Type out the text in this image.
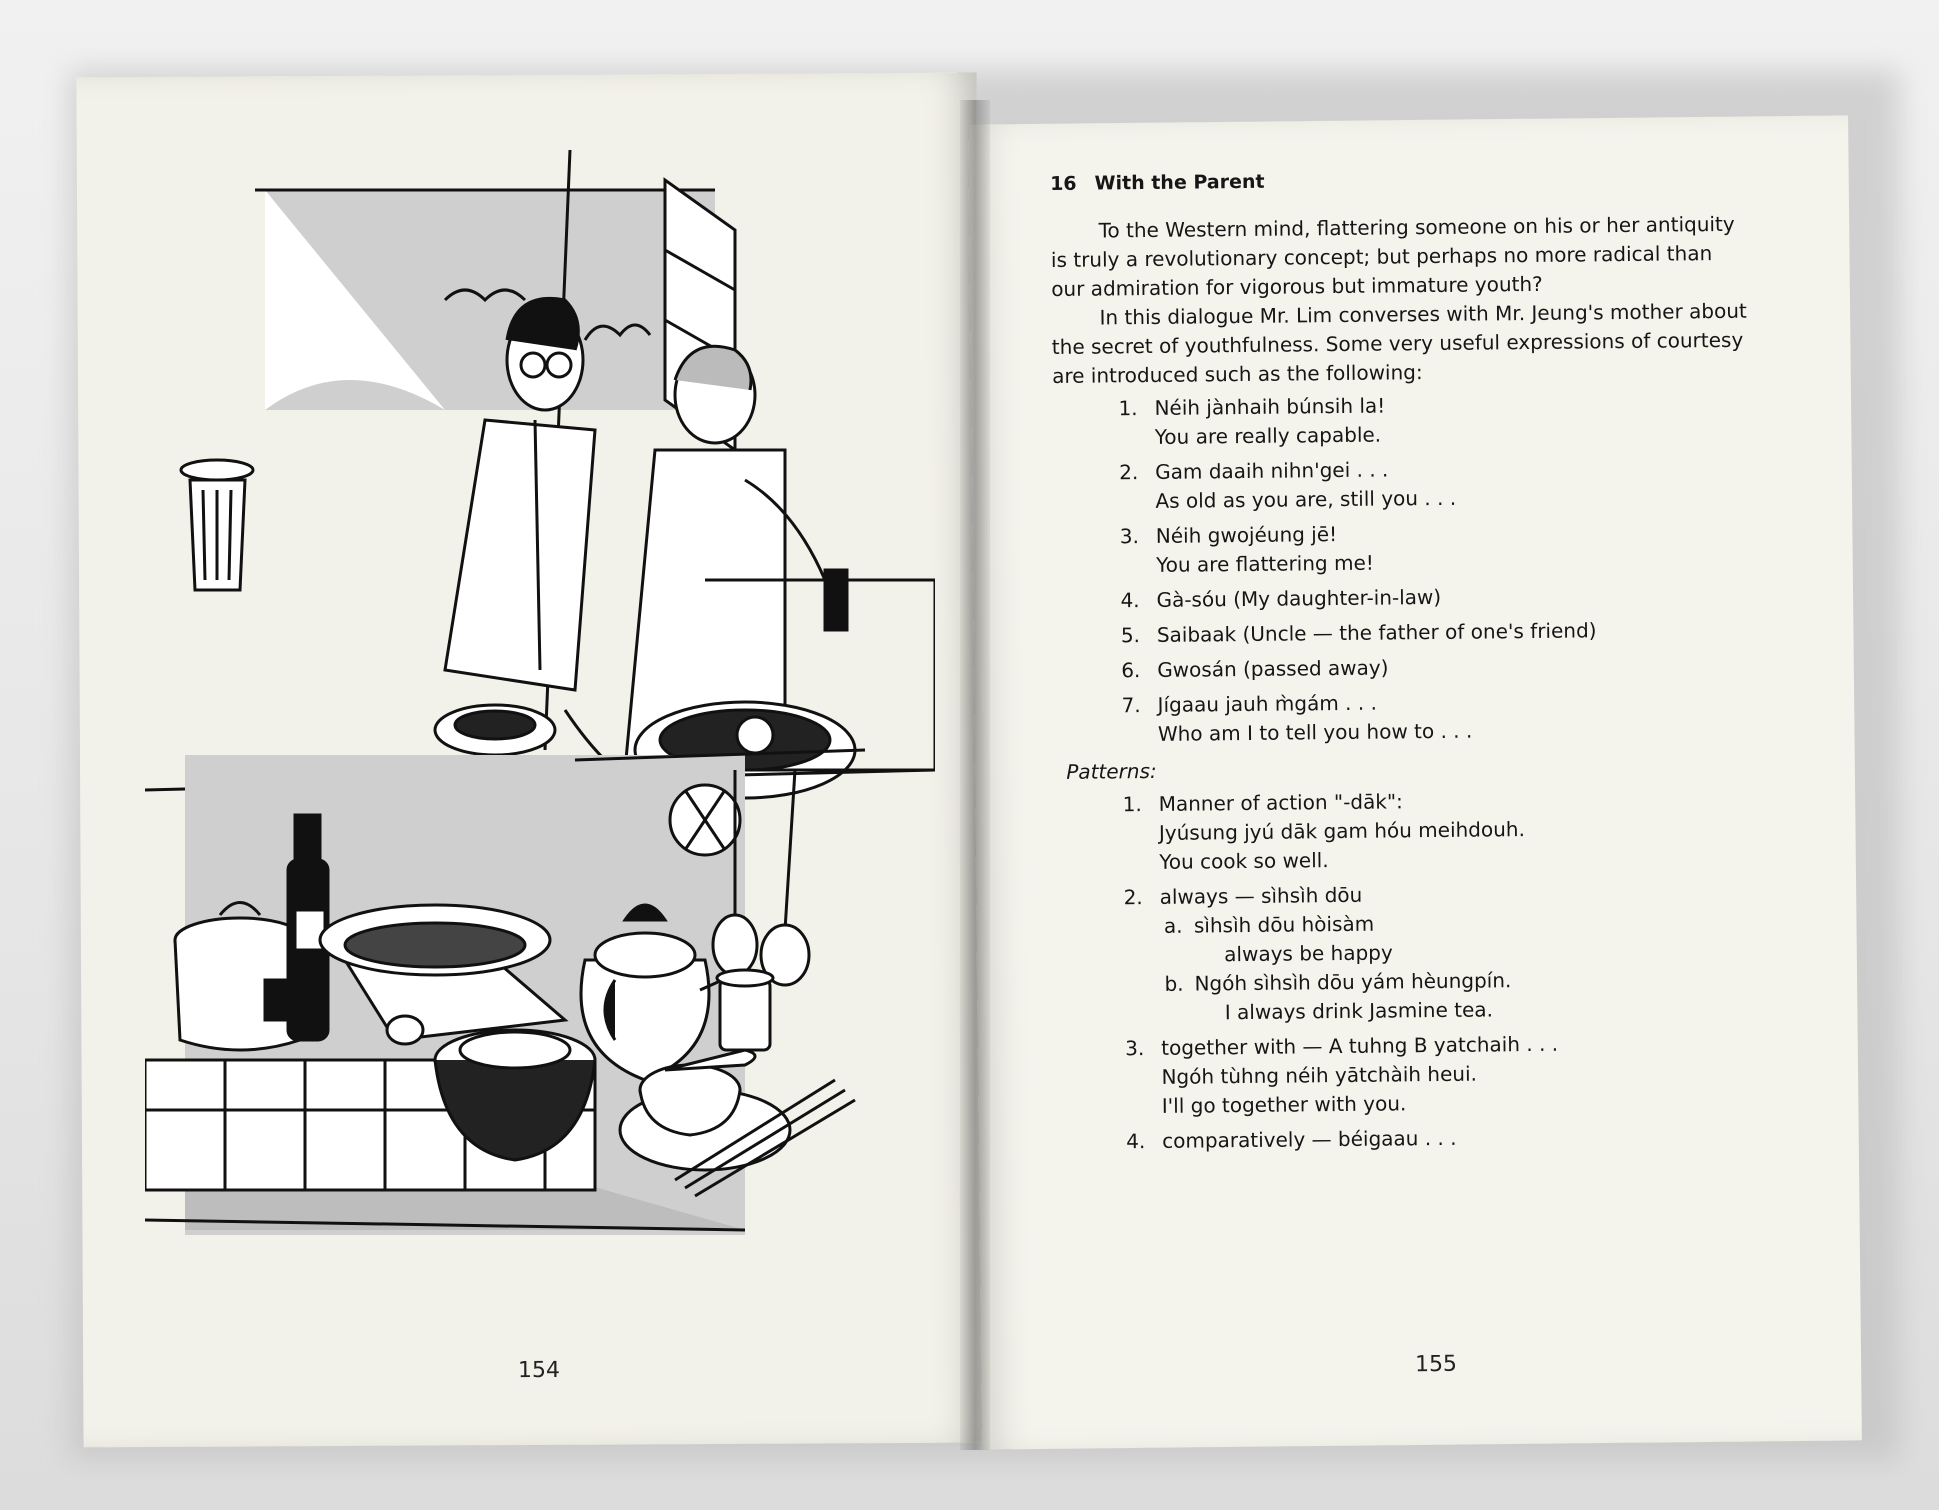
154	155
16 With the Parent

To the Western mind, flattering someone on his or her antiquity is truly a revolutionary concept; but perhaps no more radical than our admiration for vigorous but immature youth?

In this dialogue Mr. Lim converses with Mr. Jeung's mother about the secret of youthfulness. Some very useful expressions of courtesy are introduced such as the following:

1. Néih jànhaih búnsih la!
You are really capable.
2. Gam daaih nihn'gei . . .
As old as you are, still you . . .
3. Néih gwojéung jē!
You are flattering me!
4. Gà-sóu (My daughter-in-law)
5. Saibaak (Uncle — the father of one's friend)
6. Gwosán (passed away)
7. Jígaau jauh m̀gám . . .
Who am I to tell you how to . . .
Patterns:
1. Manner of action "-dāk":
Jyúsung jyú dāk gam hóu meihdouh.
You cook so well.
2. always — sìhsìh dōu
a. sìhsìh dōu hòisàm
always be happy
b. Ngóh sìhsìh dōu yám hèungpín.
I always drink Jasmine tea.
3. together with — A tuhng B yatchaih . . .
Ngóh tùhng néih yātchàih heui.
I'll go together with you.
4. comparatively — béigaau . . .
